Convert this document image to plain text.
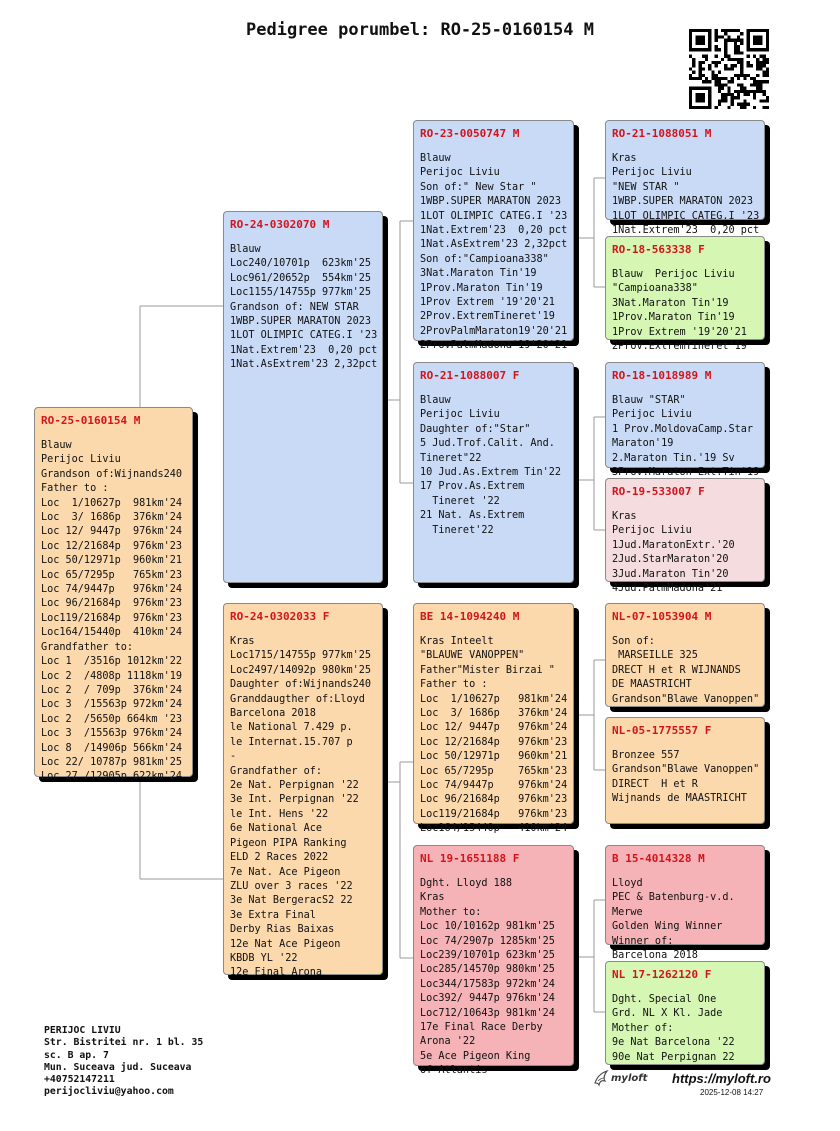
Pedigree porumbel: RO-25-0160154 M
RO-25-0160154 M
Blauw
Perijoc Liviu
Grandson of:Wijnands240
Father to :
Loc  1/10627p  981km'24
Loc  3/ 1686p  376km'24
Loc 12/ 9447p  976km'24
Loc 12/21684p  976km'23
Loc 50/12971p  960km'21
Loc 65/7295p   765km'23
Loc 74/9447p   976km'24
Loc 96/21684p  976km'23
Loc119/21684p  976km'23
Loc164/15440p  410km'24
Grandfather to:
Loc 1  /3516p 1012km'22
Loc 2  /4808p 1118km'19
Loc 2  / 709p  376km'24
Loc 3  /15563p 972km'24
Loc 2  /5650p 664km '23
Loc 3  /15563p 976km'24
Loc 8  /14906p 566km'24
Loc 22/ 10787p 981km'25
Loc 27 /12905p 622km'24
RO-24-0302070 M
Blauw
Loc240/10701p  623km'25
Loc961/20652p  554km'25
Loc1155/14755p 977km'25
Grandson of: NEW STAR
1WBP.SUPER MARATON 2023
1LOT OLIMPIC CATEG.I '23
1Nat.Extrem'23  0,20 pct
1Nat.AsExtrem'23 2,32pct
RO-24-0302033 F
Kras
Loc1715/14755p 977km'25
Loc2497/14092p 980km'25
Daughter of:Wijnands240
Granddaugther of:Lloyd
Barcelona 2018
le National 7.429 p.
le Internat.15.707 p
-
Grandfather of:
2e Nat. Perpignan '22
3e Int. Perpignan '22
le Int. Hens '22
6e National Ace
Pigeon PIPA Ranking
ELD 2 Races 2022
7e Nat. Ace Pigeon
ZLU over 3 races '22
3e Nat BergeracS2 22
3e Extra Final
Derby Rias Baixas
12e Nat Ace Pigeon
KBDB YL '22
12e Final Arona
RO-23-0050747 M
Blauw
Perijoc Liviu
Son of:" New Star "
1WBP.SUPER MARATON 2023
1LOT OLIMPIC CATEG.I '23
1Nat.Extrem'23  0,20 pct
1Nat.AsExtrem'23 2,32pct
Son of:"Campioana338"
3Nat.Maraton Tin'19
1Prov.Maraton Tin'19
1Prov Extrem '19'20'21
2Prov.ExtremTineret'19
2ProvPalmMaraton19'20'21
2ProvPalmMadona'19'20'21
RO-21-1088007 F
Blauw
Perijoc Liviu
Daughter of:"Star"
5 Jud.Trof.Calit. And.
Tineret"22
10 Jud.As.Extrem Tin'22
17 Prov.As.Extrem
Tineret '22
21 Nat. As.Extrem
Tineret'22
BE 14-1094240 M
Kras Inteelt
"BLAUWE VANOPPEN"
Father"Mister Birzai "
Father to :
Loc  1/10627p   981km'24
Loc  3/ 1686p   376km'24
Loc 12/ 9447p   976km'24
Loc 12/21684p   976km'23
Loc 50/12971p   960km'21
Loc 65/7295p    765km'23
Loc 74/9447p    976km'24
Loc 96/21684p   976km'23
Loc119/21684p   976km'23
Loc164/15440p   410km'24
NL 19-1651188 F
Dght. Lloyd 188
Kras
Mother to:
Loc 10/10162p 981km'25
Loc 74/2907p 1285km'25
Loc239/10701p 623km'25
Loc285/14570p 980km'25
Loc344/17583p 972km'24
Loc392/ 9447p 976km'24
Loc712/10643p 981km'24
17e Final Race Derby
Arona '22
5e Ace Pigeon King
of Atlantis
RO-21-1088051 M
Kras
Perijoc Liviu
"NEW STAR "
1WBP.SUPER MARATON 2023
1LOT OLIMPIC CATEG.I '23
1Nat.Extrem'23  0,20 pct
RO-18-563338 F
Blauw  Perijoc Liviu
"Campioana338"
3Nat.Maraton Tin'19
1Prov.Maraton Tin'19
1Prov Extrem '19'20'21
2Prov.ExtremTineret'19
RO-18-1018989 M
Blauw "STAR"
Perijoc Liviu
1 Prov.MoldovaCamp.Star
Maraton'19
2.Maraton Tin.'19 Sv
3Prov.Maraton Ext.Tin'19
RO-19-533007 F
Kras
Perijoc Liviu
1Jud.MaratonExtr.'20
2Jud.StarMaraton'20
3Jud.Maraton Tin'20
4Jud.PalmMadona'21
NL-07-1053904 M
Son of:
MARSEILLE 325
DRECT H et R WIJNANDS
DE MAASTRICHT
Grandson"Blawe Vanoppen"
NL-05-1775557 F
Bronzee 557
Grandson"Blawe Vanoppen"
DIRECT  H et R
Wijnands de MAASTRICHT
B 15-4014328 M
Lloyd
PEC & Batenburg-v.d.
Merwe
Golden Wing Winner
Winner of:
Barcelona 2018
NL 17-1262120 F
Dght. Special One
Grd. NL X Kl. Jade
Mother of:
9e Nat Barcelona '22
90e Nat Perpignan 22
PERIJOC LIVIU
Str. Bistritei nr. 1 bl. 35
sc. B ap. 7
Mun. Suceava jud. Suceava
+40752147211
perijocliviu@yahoo.com
myloft https://myloft.ro
2025-12-08 14:27
